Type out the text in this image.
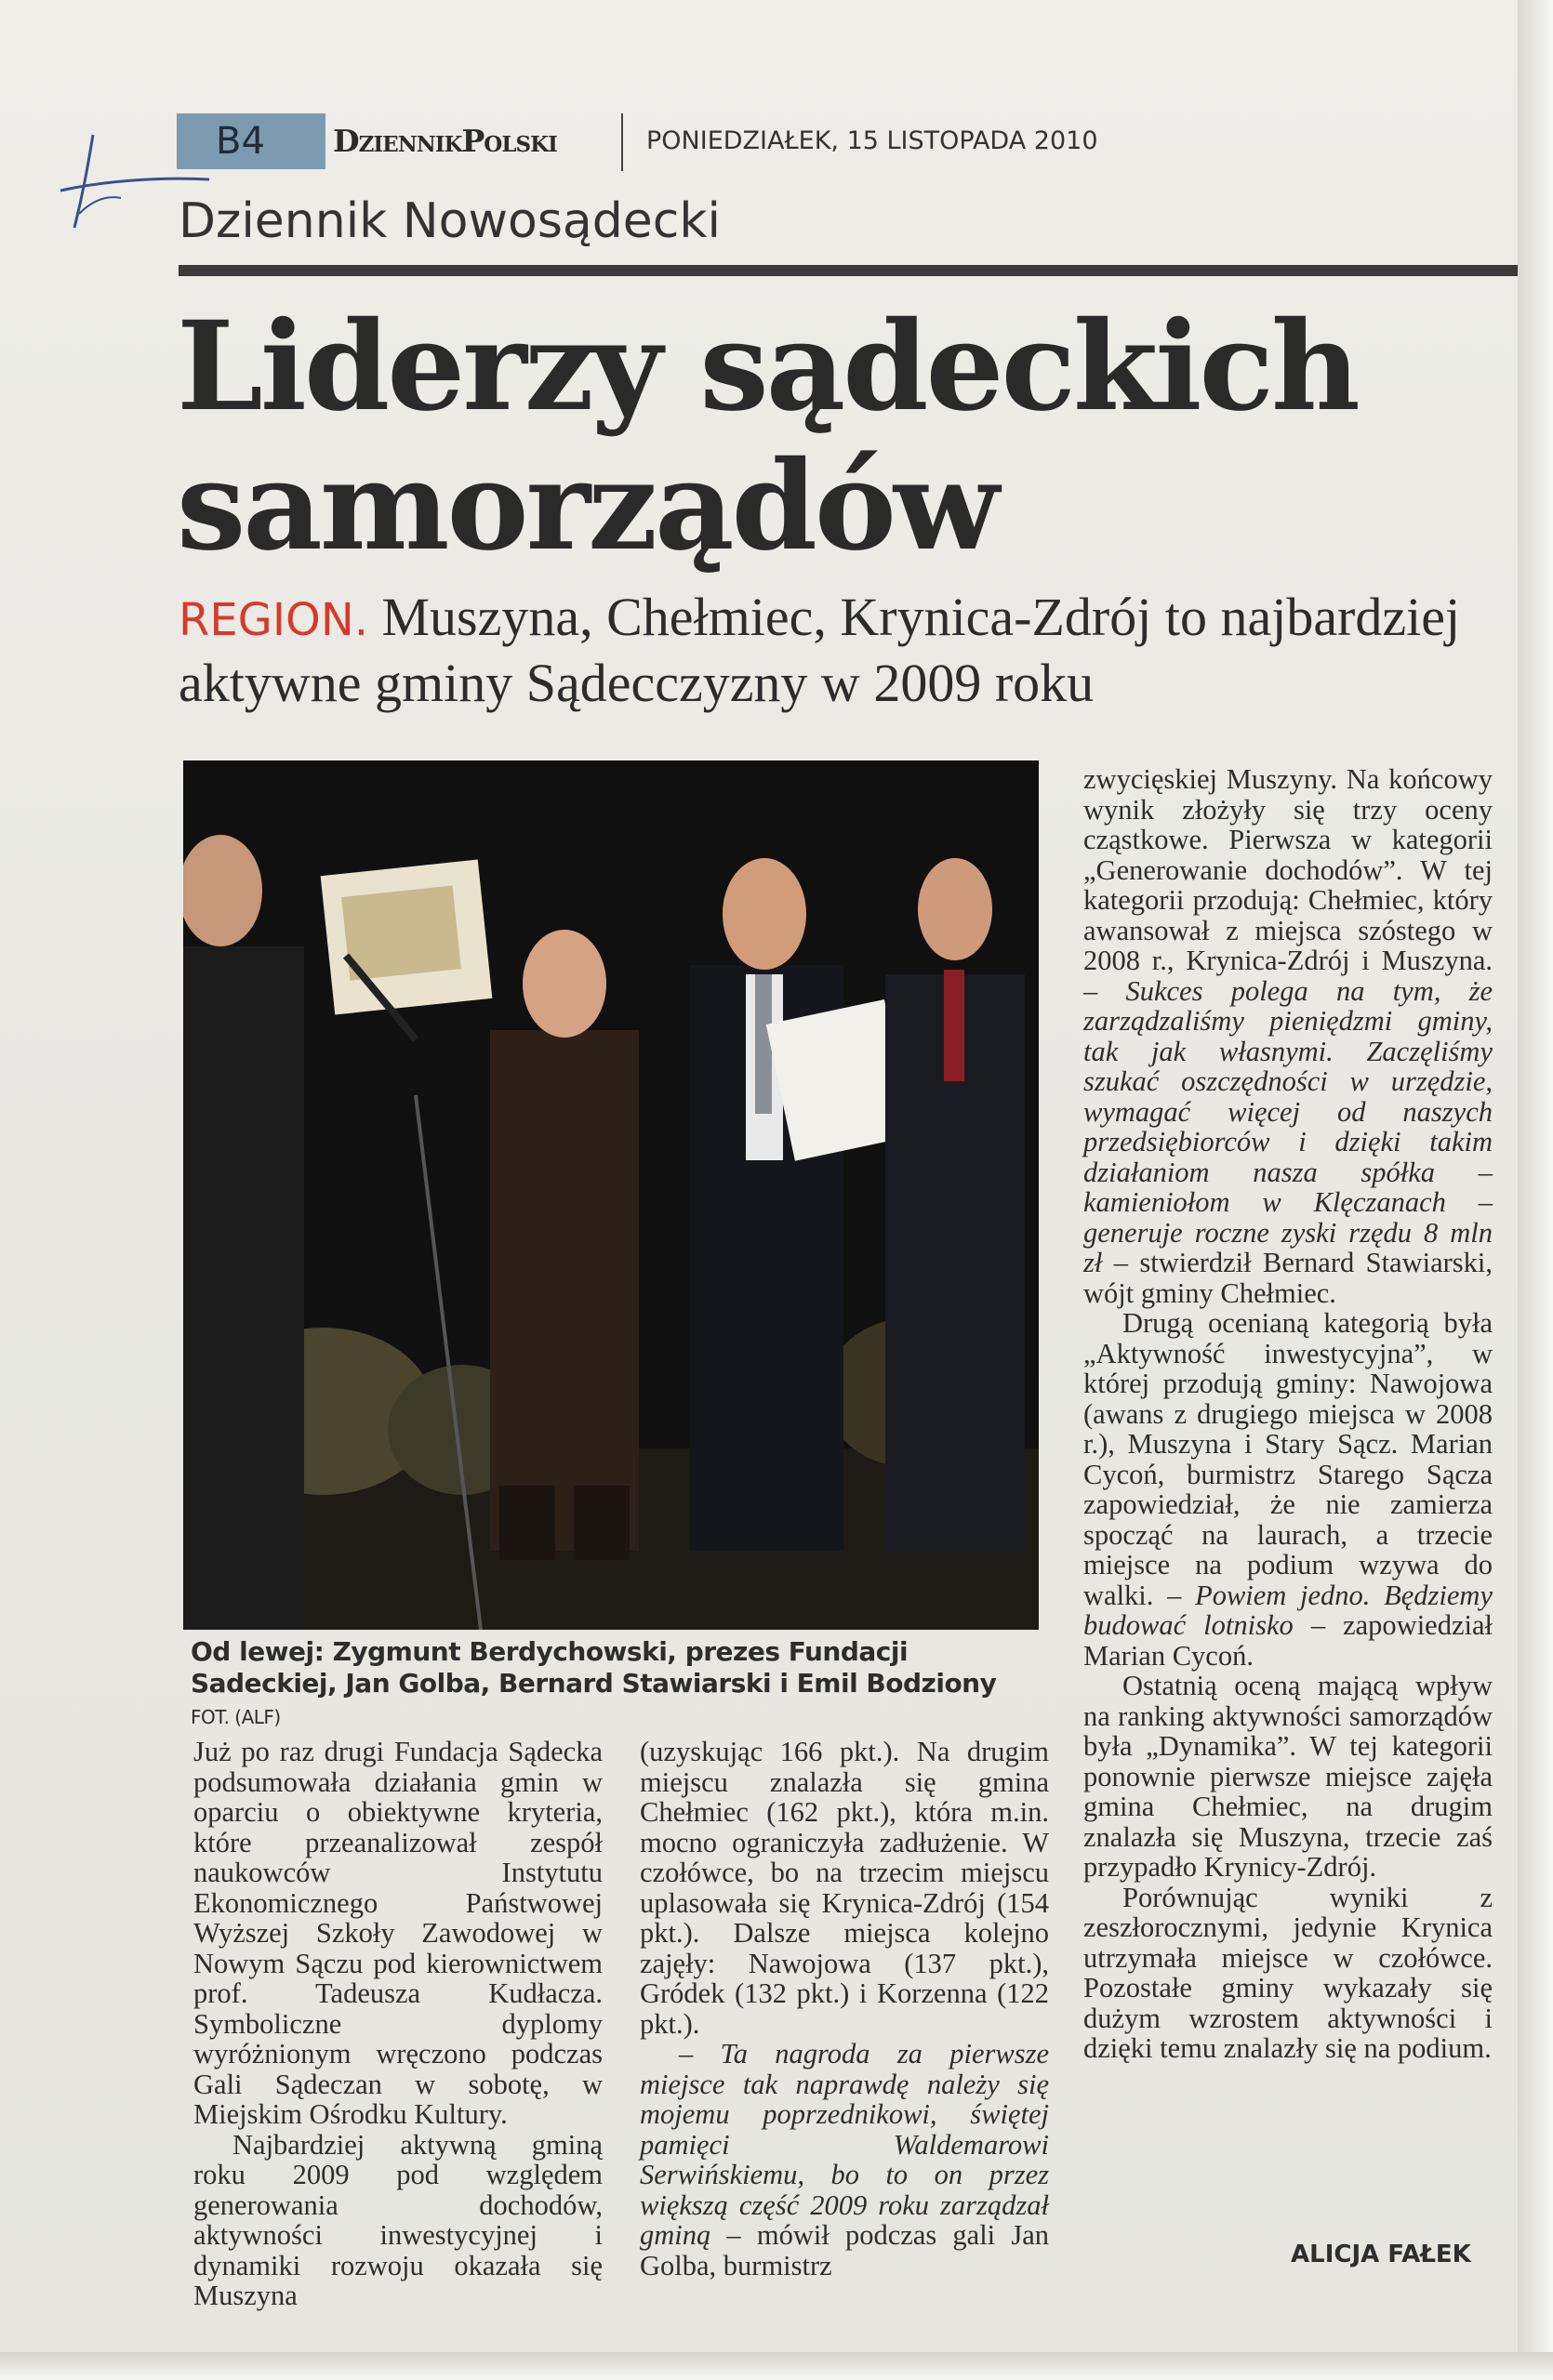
B4	DziennikPolski	PONIEDZIAŁEK, 15 LISTOPADA 2010
Dziennik Nowosądecki
Liderzy sądeckich
samorządów
REGION. Muszyna, Chełmiec, Krynica-Zdrój to najbardziej aktywne gminy Sądecczyzny w 2009 roku
Od lewej: Zygmunt Berdychowski, prezes Fundacji Sadeckiej, Jan Golba, Bernard Stawiarski i Emil Bodziony FOT. (ALF)

Już po raz drugi Fundacja Sądecka podsumowała działania gmin w oparciu o obiektywne kryteria, które przeanalizował zespół naukowców Instytutu Ekonomicznego Państwowej Wyższej Szkoły Zawodowej w Nowym Sączu pod kierownictwem prof. Tadeusza Kudłacza. Symboliczne dyplomy wyróżnionym wręczono podczas Gali Sądeczan w sobotę, w Miejskim Ośrodku Kultury.

Najbardziej aktywną gminą roku 2009 pod względem generowania dochodów, aktywności inwestycyjnej i dynamiki rozwoju okazała się Muszyna

(uzyskując 166 pkt.). Na drugim miejscu znalazła się gmina Chełmiec (162 pkt.), która m.in. mocno ograniczyła zadłużenie. W czołówce, bo na trzecim miejscu uplasowała się Krynica-Zdrój (154 pkt.). Dalsze miejsca kolejno zajęły: Nawojowa (137 pkt.), Gródek (132 pkt.) i Korzenna (122 pkt.).

– Ta nagroda za pierwsze miejsce tak naprawdę należy się mojemu poprzednikowi, świętej pamięci Waldemarowi Serwińskiemu, bo to on przez większą część 2009 roku zarządzał gminą – mówił podczas gali Jan Golba, burmistrz

zwycięskiej Muszyny. Na końcowy wynik złożyły się trzy oceny cząstkowe. Pierwsza w kategorii „Generowanie dochodów”. W tej kategorii przodują: Chełmiec, który awansował z miejsca szóstego w 2008 r., Krynica-Zdrój i Muszyna. – Sukces polega na tym, że zarządzaliśmy pieniędzmi gminy, tak jak własnymi. Zaczęliśmy szukać oszczędności w urzędzie, wymagać więcej od naszych przedsiębiorców i dzięki takim działaniom nasza spółka – kamieniołom w Klęczanach – generuje roczne zyski rzędu 8 mln zł – stwierdził Bernard Stawiarski, wójt gminy Chełmiec.

Drugą ocenianą kategorią była „Aktywność inwestycyjna”, w której przodują gminy: Nawojowa (awans z drugiego miejsca w 2008 r.), Muszyna i Stary Sącz. Marian Cycoń, burmistrz Starego Sącza zapowiedział, że nie zamierza spocząć na laurach, a trzecie miejsce na podium wzywa do walki. – Powiem jedno. Będziemy budować lotnisko – zapowiedział Marian Cycoń.

Ostatnią oceną mającą wpływ na ranking aktywności samorządów była „Dynamika”. W tej kategorii ponownie pierwsze miejsce zajęła gmina Chełmiec, na drugim znalazła się Muszyna, trzecie zaś przypadło Krynicy-Zdrój.

Porównując wyniki z zeszłorocznymi, jedynie Krynica utrzymała miejsce w czołówce. Pozostałe gminy wykazały się dużym wzrostem aktywności i dzięki temu znalazły się na podium.

ALICJA FAŁEK
